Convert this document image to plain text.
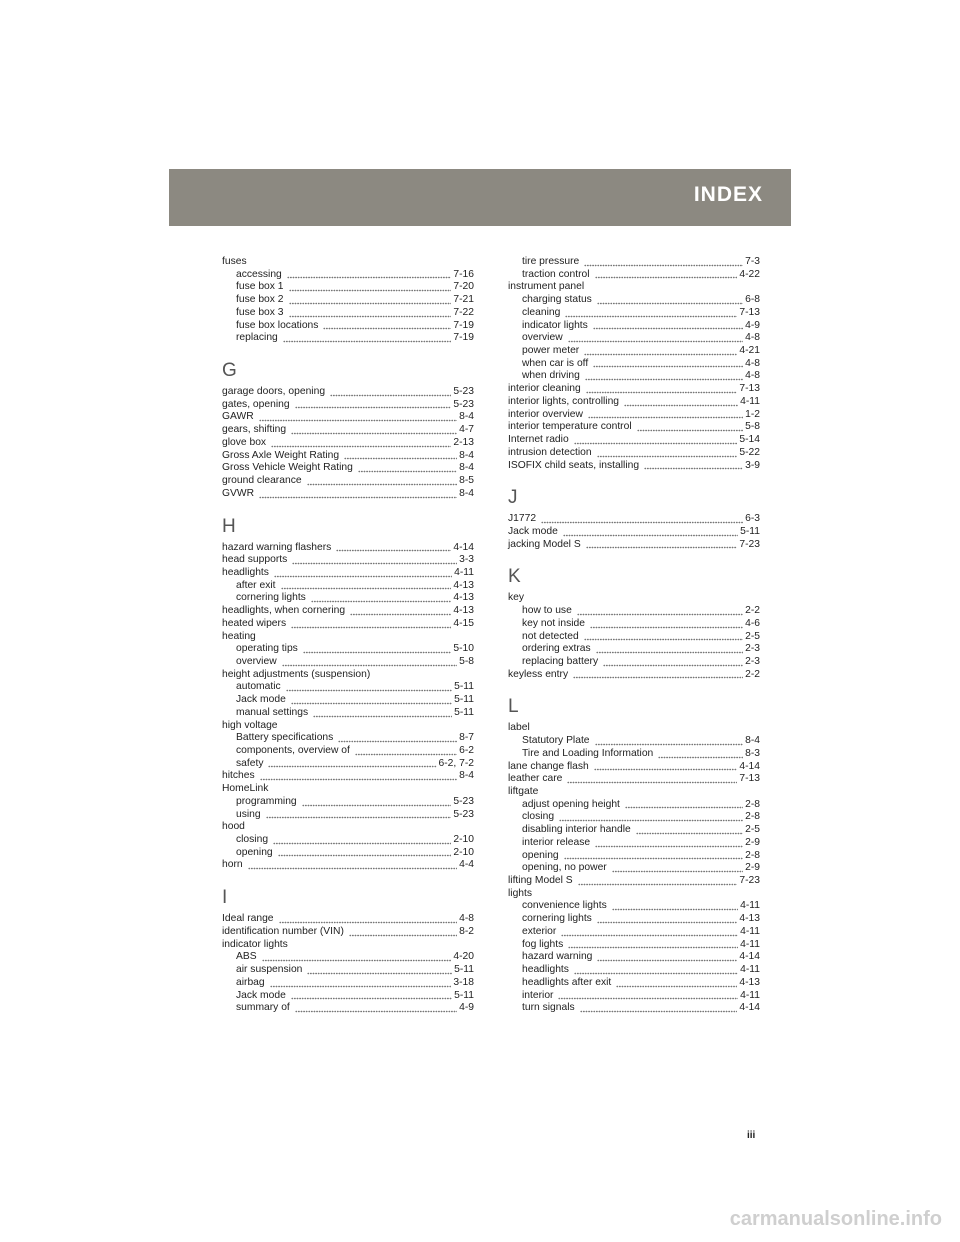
INDEX
fuses
accessing	7-16
fuse box 1	7-20
fuse box 2	7-21
fuse box 3	7-22
fuse box locations	7-19
replacing	7-19
G
garage doors, opening	5-23
gates, opening	5-23
GAWR	8-4
gears, shifting	4-7
glove box	2-13
Gross Axle Weight Rating	8-4
Gross Vehicle Weight Rating	8-4
ground clearance	8-5
GVWR	8-4
H
hazard warning flashers	4-14
head supports	3-3
headlights	4-11
after exit	4-13
cornering lights	4-13
headlights, when cornering	4-13
heated wipers	4-15
heating
operating tips	5-10
overview	5-8
height adjustments (suspension)
automatic	5-11
Jack mode	5-11
manual settings	5-11
high voltage
Battery specifications	8-7
components, overview of	6-2
safety	6-2, 7-2
hitches	8-4
HomeLink
programming	5-23
using	5-23
hood
closing	2-10
opening	2-10
horn	4-4
I
Ideal range	4-8
identification number (VIN)	8-2
indicator lights
ABS	4-20
air suspension	5-11
airbag	3-18
Jack mode	5-11
summary of	4-9
tire pressure	7-3
traction control	4-22
instrument panel
charging status	6-8
cleaning	7-13
indicator lights	4-9
overview	4-8
power meter	4-21
when car is off	4-8
when driving	4-8
interior cleaning	7-13
interior lights, controlling	4-11
interior overview	1-2
interior temperature control	5-8
Internet radio	5-14
intrusion detection	5-22
ISOFIX child seats, installing	3-9
J
J1772	6-3
Jack mode	5-11
jacking Model S	7-23
K
key
how to use	2-2
key not inside	4-6
not detected	2-5
ordering extras	2-3
replacing battery	2-3
keyless entry	2-2
L
label
Statutory Plate	8-4
Tire and Loading Information	8-3
lane change flash	4-14
leather care	7-13
liftgate
adjust opening height	2-8
closing	2-8
disabling interior handle	2-5
interior release	2-9
opening	2-8
opening, no power	2-9
lifting Model S	7-23
lights
convenience lights	4-11
cornering lights	4-13
exterior	4-11
fog lights	4-11
hazard warning	4-14
headlights	4-11
headlights after exit	4-13
interior	4-11
turn signals	4-14
iii
carmanualsonline.info
